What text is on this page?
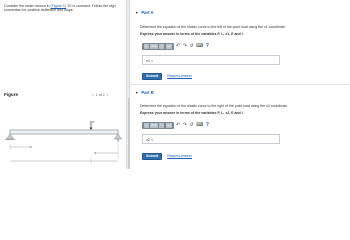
Consider the beam shown in (Figure 1). EI is constant. Follow the sign convention for positive deflection and slope.
Figure	< 1 of 1 >
P
▼ Part A
Determine the equation of the elastic curve to the left of the point load using the x1 coordinate.
Express your answer in terms of the variables P, L, x1, E and I.
√□	AΣφ	↓↑	vec ↶ ↷ ↺ ⌨ ?
v1 =
Submit	Request Answer
▼ Part B
Determine the equation of the elastic curve to the right of the point load using the x2 coordinate.
Express your answer in terms of the variables P, L, x2, E and I.
√□	AΣφ	↓↑	vec ↶ ↷ ↺ ⌨ ?
v2 =
Submit	Request Answer
